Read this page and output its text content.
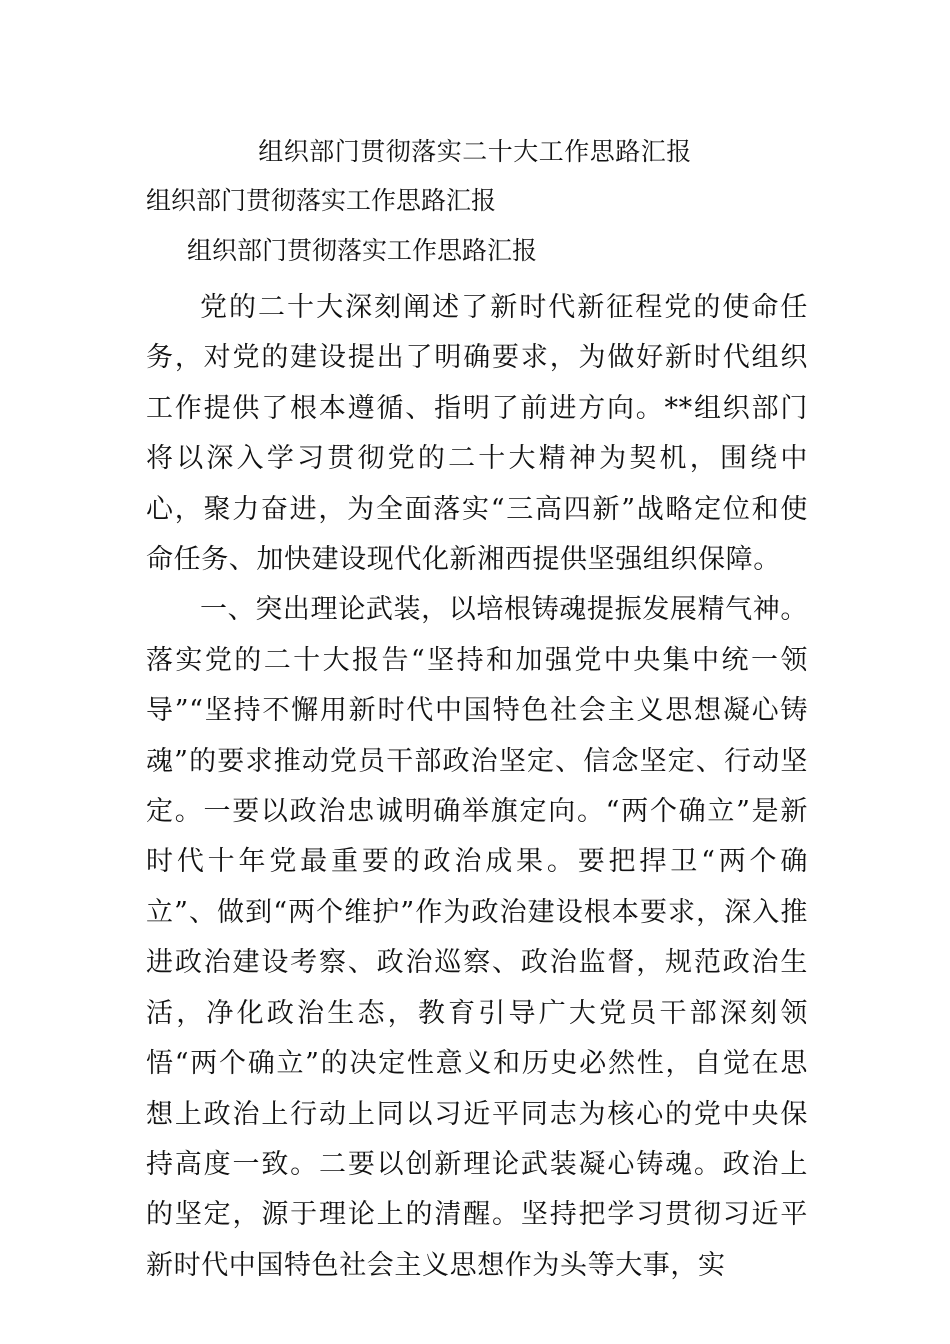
组织部门贯彻落实二十大工作思路汇报
组织部门贯彻落实工作思路汇报
组织部门贯彻落实工作思路汇报

党的二十大深刻阐述了新时代新征程党的使命任务，对党的建设提出了明确要求，为做好新时代组织工作提供了根本遵循、指明了前进方向。**组织部门将以深入学习贯彻党的二十大精神为契机，围绕中心，聚力奋进，为全面落实“三高四新”战略定位和使命任务、加快建设现代化新湘西提供坚强组织保障。

一、突出理论武装，以培根铸魂提振发展精气神。落实党的二十大报告“坚持和加强党中央集中统一领导”“坚持不懈用新时代中国特色社会主义思想凝心铸魂”的要求推动党员干部政治坚定、信念坚定、行动坚定。一要以政治忠诚明确举旗定向。“两个确立”是新时代十年党最重要的政治成果。要把捍卫“两个确立”、做到“两个维护”作为政治建设根本要求，深入推进政治建设考察、政治巡察、政治监督，规范政治生活，净化政治生态，教育引导广大党员干部深刻领悟“两个确立”的决定性意义和历史必然性，自觉在思想上政治上行动上同以习近平同志为核心的党中央保持高度一致。二要以创新理论武装凝心铸魂。政治上的坚定，源于理论上的清醒。坚持把学习贯彻习近平新时代中国特色社会主义思想作为头等大事，实
